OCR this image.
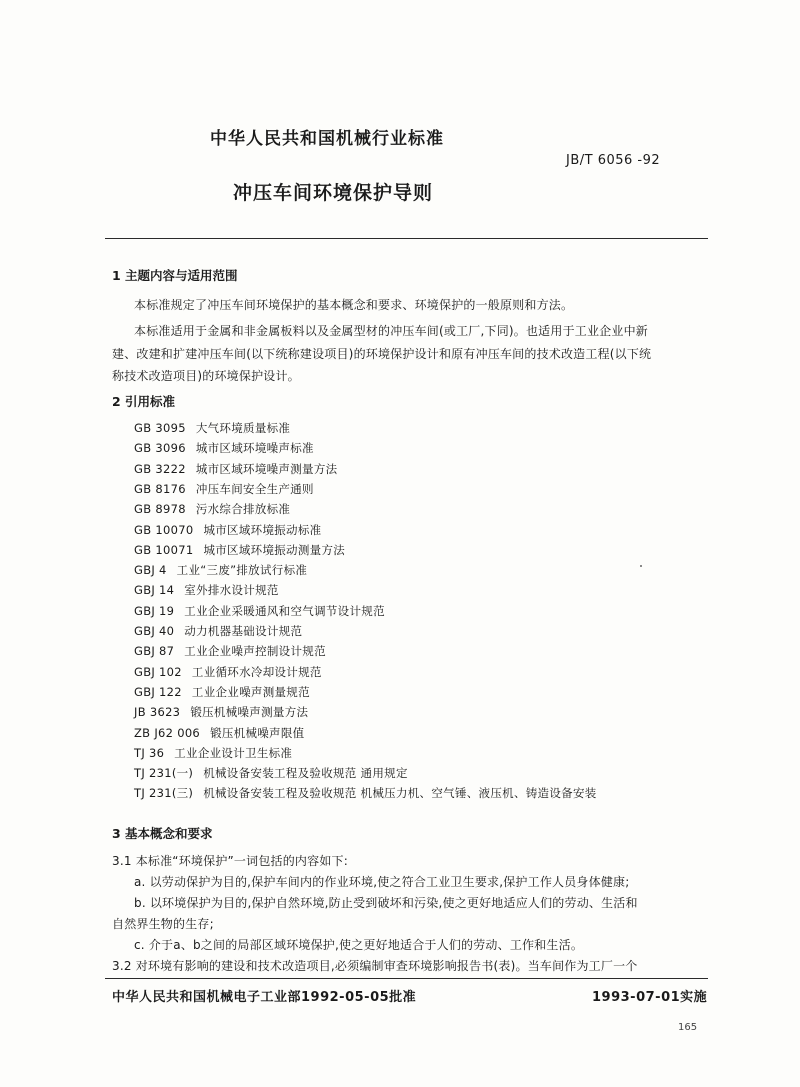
中华人民共和国机械行业标准
JB/T 6056 -92
冲压车间环境保护导则
1 主题内容与适用范围
本标准规定了冲压车间环境保护的基本概念和要求、环境保护的一般原则和方法。
本标准适用于金属和非金属板料以及金属型材的冲压车间(或工厂,下同)。也适用于工业企业中新
建、改建和扩建冲压车间(以下统称建设项目)的环境保护设计和原有冲压车间的技术改造工程(以下统
称技术改造项目)的环境保护设计。
2 引用标准
GB 3095 大气环境质量标准
GB 3096 城市区域环境噪声标准
GB 3222 城市区域环境噪声测量方法
GB 8176 冲压车间安全生产通则
GB 8978 污水综合排放标准
GB 10070 城市区域环境振动标准
GB 10071 城市区域环境振动测量方法
GBJ 4 工业“三废”排放试行标准
GBJ 14 室外排水设计规范
GBJ 19 工业企业采暖通风和空气调节设计规范
GBJ 40 动力机器基础设计规范
GBJ 87 工业企业噪声控制设计规范
GBJ 102 工业循环水冷却设计规范
GBJ 122 工业企业噪声测量规范
JB 3623 锻压机械噪声测量方法
ZB J62 006 锻压机械噪声限值
TJ 36 工业企业设计卫生标准
TJ 231(一) 机械设备安装工程及验收规范 通用规定
TJ 231(三) 机械设备安装工程及验收规范 机械压力机、空气锤、液压机、铸造设备安装
3 基本概念和要求
3.1 本标准“环境保护”一词包括的内容如下:
a. 以劳动保护为目的,保护车间内的作业环境,使之符合工业卫生要求,保护工作人员身体健康;
b. 以环境保护为目的,保护自然环境,防止受到破坏和污染,使之更好地适应人们的劳动、生活和
自然界生物的生存;
c. 介于a、b之间的局部区域环境保护,使之更好地适合于人们的劳动、工作和生活。
3.2 对环境有影响的建设和技术改造项目,必须编制审查环境影响报告书(表)。当车间作为工厂一个
中华人民共和国机械电子工业部1992-05-05批准	1993-07-01实施
165
